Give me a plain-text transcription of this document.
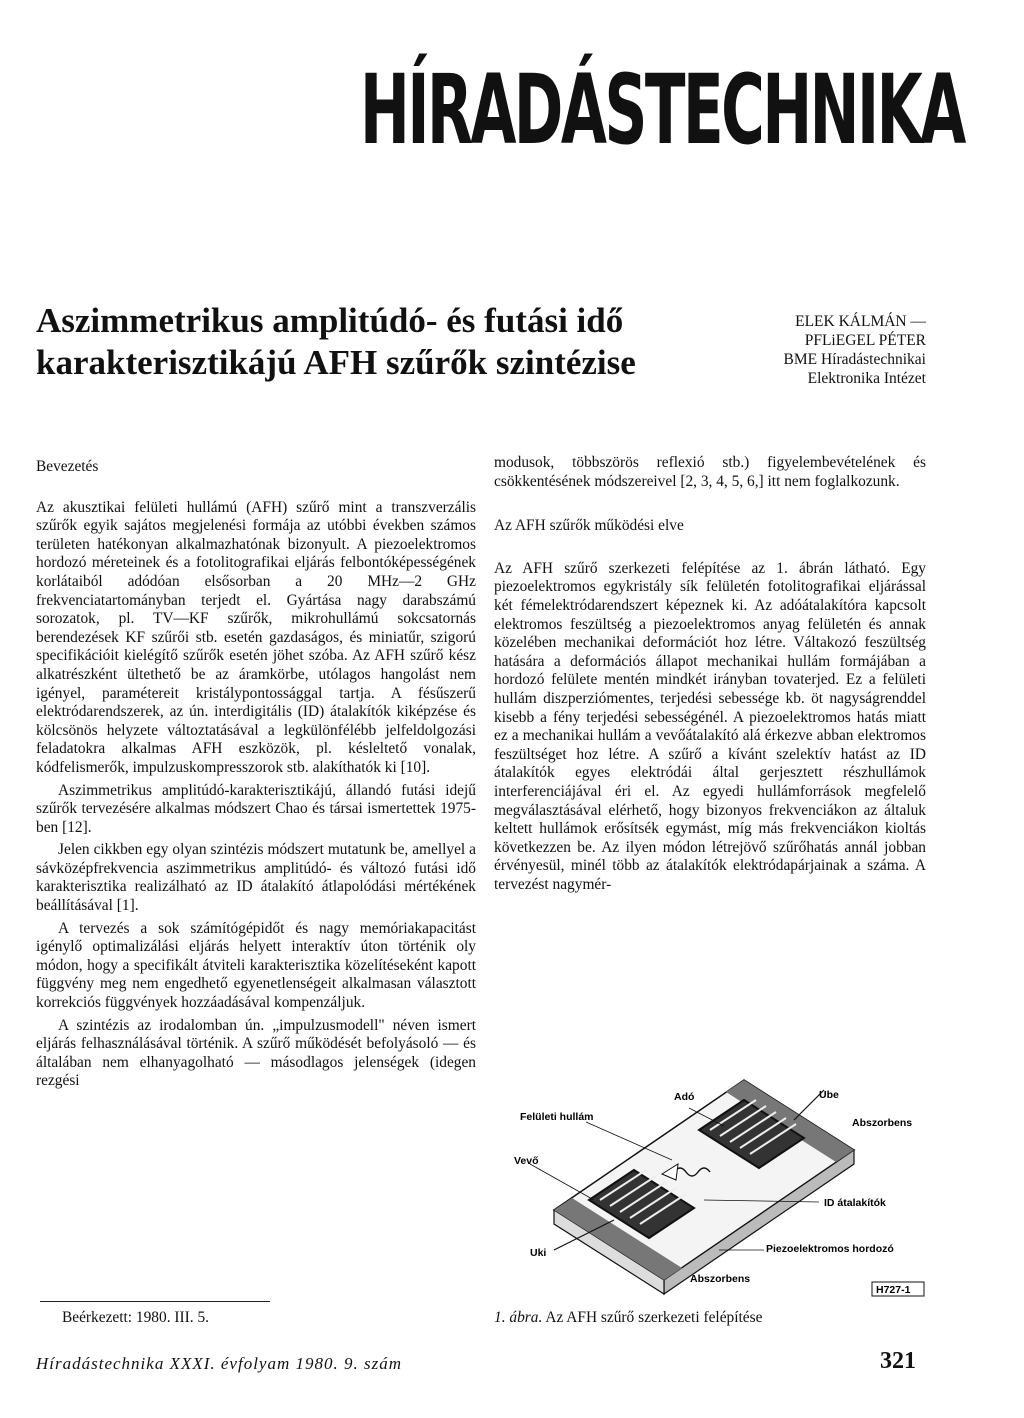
HÍRADÁSTECHNIKA
Aszimmetrikus amplitúdó- és futási idő
karakterisztikájú AFH szűrők szintézise
ELEK KÁLMÁN —
PFLiEGEL PÉTER
BME Híradástechnikai
Elektronika Intézet
Bevezetés

Az akusztikai felületi hullámú (AFH) szűrő mint a transzverzális szűrők egyik sajátos megjelenési formája az utóbbi években számos területen hatékonyan alkalmazhatónak bizonyult. A piezoelektromos hordozó méreteinek és a fotolitografikai eljárás felbontóképességének korlátaiból adódóan elsősorban a 20 MHz—2 GHz frekvenciatartományban terjedt el. Gyártása nagy darabszámú sorozatok, pl. TV—KF szűrők, mikrohullámú sokcsatornás berendezések KF szűrői stb. esetén gazdaságos, és miniatűr, szigorú specifikációit kielégítő szűrők esetén jöhet szóba. Az AFH szűrő kész alkatrészként ültethető be az áramkörbe, utólagos hangolást nem igényel, paramétereit kristálypontossággal tartja. A fésűszerű elektródarendszerek, az ún. interdigitális (ID) átalakítók kiképzése és kölcsönös helyzete változtatásával a legkülönfélébb jelfeldolgozási feladatokra alkalmas AFH eszközök, pl. késleltető vonalak, kódfelismerők, impulzuskompresszorok stb. alakíthatók ki [10].

Aszimmetrikus amplitúdó-karakterisztikájú, állandó futási idejű szűrők tervezésére alkalmas módszert Chao és társai ismertettek 1975-ben [12].

Jelen cikkben egy olyan szintézis módszert mutatunk be, amellyel a sávközépfrekvencia aszimmetrikus amplitúdó- és változó futási idő karakterisztika realizálható az ID átalakító átlapolódási mértékének beállításával [1].

A tervezés a sok számítógépidőt és nagy memóriakapacitást igénylő optimalizálási eljárás helyett interaktív úton történik oly módon, hogy a specifikált átviteli karakterisztika közelítéseként kapott függvény meg nem engedhető egyenetlenségeit alkalmasan választott korrekciós függvények hozzáadásával kompenzáljuk.

A szintézis az irodalomban ún. „impulzusmodell" néven ismert eljárás felhasználásával történik. A szűrő működését befolyásoló — és általában nem elhanyagolható — másodlagos jelenségek (idegen rezgési

modusok, többszörös reflexió stb.) figyelembevételének és csökkentésének módszereivel [2, 3, 4, 5, 6,] itt nem foglalkozunk.

Az AFH szűrők működési elve

Az AFH szűrő szerkezeti felépítése az 1. ábrán látható. Egy piezoelektromos egykristály sík felületén fotolitografikai eljárással két fémelektródarendszert képeznek ki. Az adóátalakítóra kapcsolt elektromos feszültség a piezoelektromos anyag felületén és annak közelében mechanikai deformációt hoz létre. Váltakozó feszültség hatására a deformációs állapot mechanikai hullám formájában a hordozó felülete mentén mindkét irányban tovaterjed. Ez a felületi hullám diszperziómentes, terjedési sebessége kb. öt nagyságrenddel kisebb a fény terjedési sebességénél. A piezoelektromos hatás miatt ez a mechanikai hullám a vevőátalakító alá érkezve abban elektromos feszültséget hoz létre. A szűrő a kívánt szelektív hatást az ID átalakítók egyes elektródái által gerjesztett részhullámok interferenciájával éri el. Az egyedi hullámforrások megfelelő megválasztásával elérhető, hogy bizonyos frekvenciákon az általuk keltett hullámok erősítsék egymást, míg más frekvenciákon kioltás következzen be. Az ilyen módon létrejövő szűrőhatás annál jobban érvényesül, minél több az átalakítók elektródapárjainak a száma. A tervezést nagymér-

Ube
Adó
Felületi hullám	Abszorbens
Vevő
ID átalakítók
Uki	Piezoelektromos hordozó
Abszorbens
H727-1
Beérkezett: 1980. III. 5.	1. ábra. Az AFH szűrő szerkezeti felépítése
Híradástechnika XXXI. évfolyam 1980. 9. szám	321
